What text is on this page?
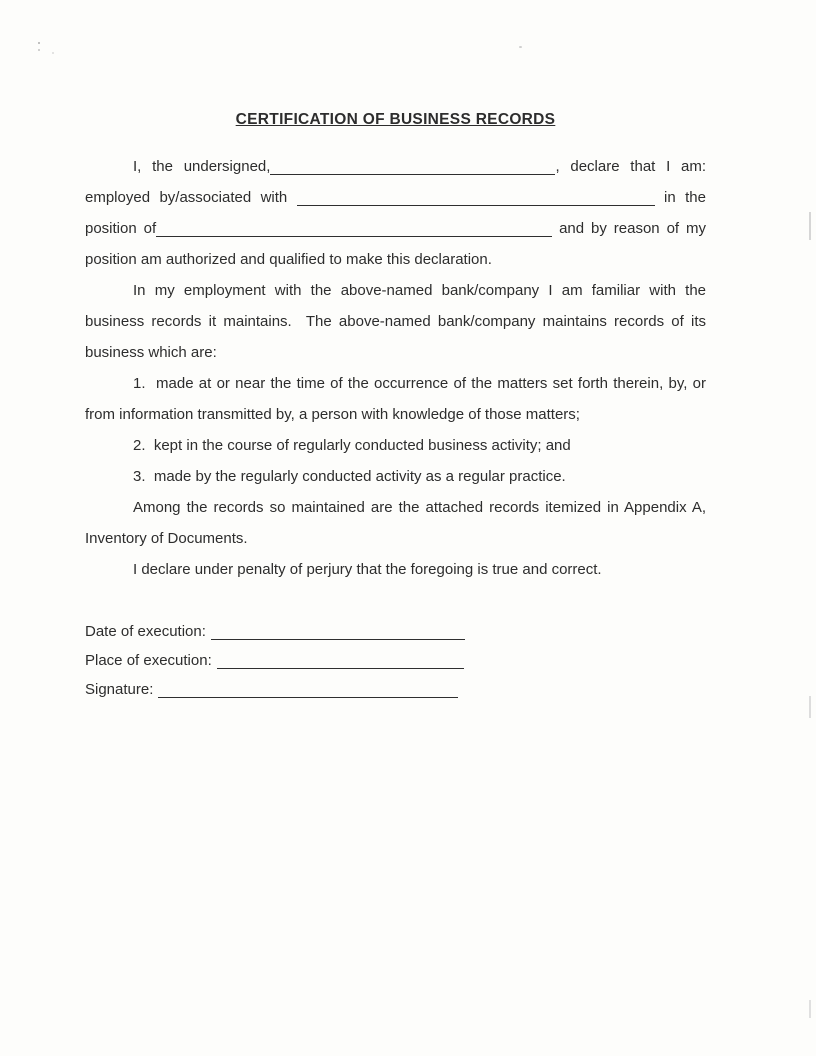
CERTIFICATION OF BUSINESS RECORDS

I, the undersigned,	, declare that I am: employed by/associated with	in the position of	and by reason of my position am authorized and qualified to make this declaration.

In my employment with the above-named bank/company I am familiar with the business records it maintains.  The above-named bank/company maintains records of its business which are:

1.  made at or near the time of the occurrence of the matters set forth therein, by, or from information transmitted by, a person with knowledge of those matters;

2.  kept in the course of regularly conducted business activity; and

3.  made by the regularly conducted activity as a regular practice.

Among the records so maintained are the attached records itemized in Appendix A, Inventory of Documents.

I declare under penalty of perjury that the foregoing is true and correct.

Date of execution:
Place of execution:
Signature:
